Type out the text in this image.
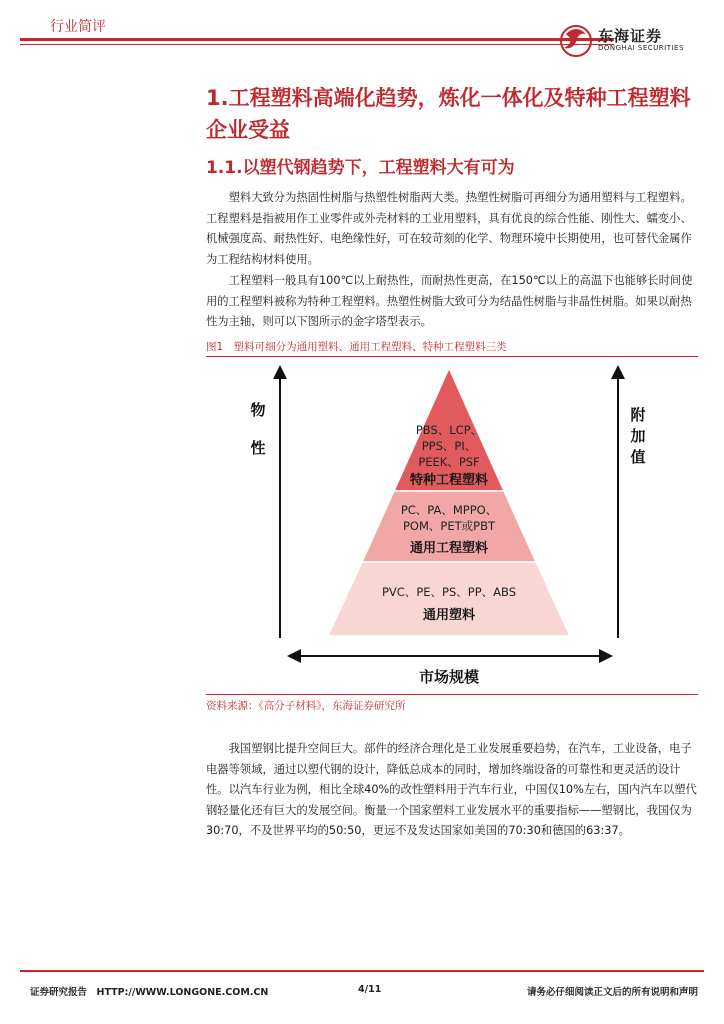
行业简评	东海证券
DONGHAI SECURITIES
1.工程塑料高端化趋势，炼化一体化及特种工程塑料企业受益
1.1.以塑代钢趋势下，工程塑料大有可为

塑料大致分为热固性树脂与热塑性树脂两大类。热塑性树脂可再细分为通用塑料与工程塑料。工程塑料是指被用作工业零件或外壳材料的工业用塑料，具有优良的综合性能、刚性大、蠕变小、机械强度高、耐热性好、电绝缘性好，可在较苛刻的化学、物理环境中长期使用，也可替代金属作为工程结构材料使用。

工程塑料一般具有100℃以上耐热性，而耐热性更高，在150℃以上的高温下也能够长时间使用的工程塑料被称为特种工程塑料。热塑性树脂大致可分为结晶性树脂与非晶性树脂。如果以耐热性为主轴，则可以下图所示的金字塔型表示。

图1　塑料可细分为通用塑料、通用工程塑料、特种工程塑料三类
PBS、LCP、
PPS、PI、
PEEK、PSF
特种工程塑料
PC、PA、MPPO、
POM、PET或PBT
通用工程塑料
PVC、PE、PS、PP、ABS
通用塑料
物
性
附
加
值
市场规模
资料来源：《高分子材料》，东海证券研究所

我国塑钢比提升空间巨大。部件的经济合理化是工业发展重要趋势，在汽车，工业设备，电子电器等领域，通过以塑代钢的设计，降低总成本的同时，增加终端设备的可靠性和更灵活的设计性。以汽车行业为例，相比全球40%的改性塑料用于汽车行业，中国仅10%左右，国内汽车以塑代钢轻量化还有巨大的发展空间。衡量一个国家塑料工业发展水平的重要指标——塑钢比，我国仅为30:70，不及世界平均的50:50，更远不及发达国家如美国的70:30和德国的63:37。

证券研究报告　HTTP://WWW.LONGONE.COM.CN	4/11	请务必仔细阅读正文后的所有说明和声明
